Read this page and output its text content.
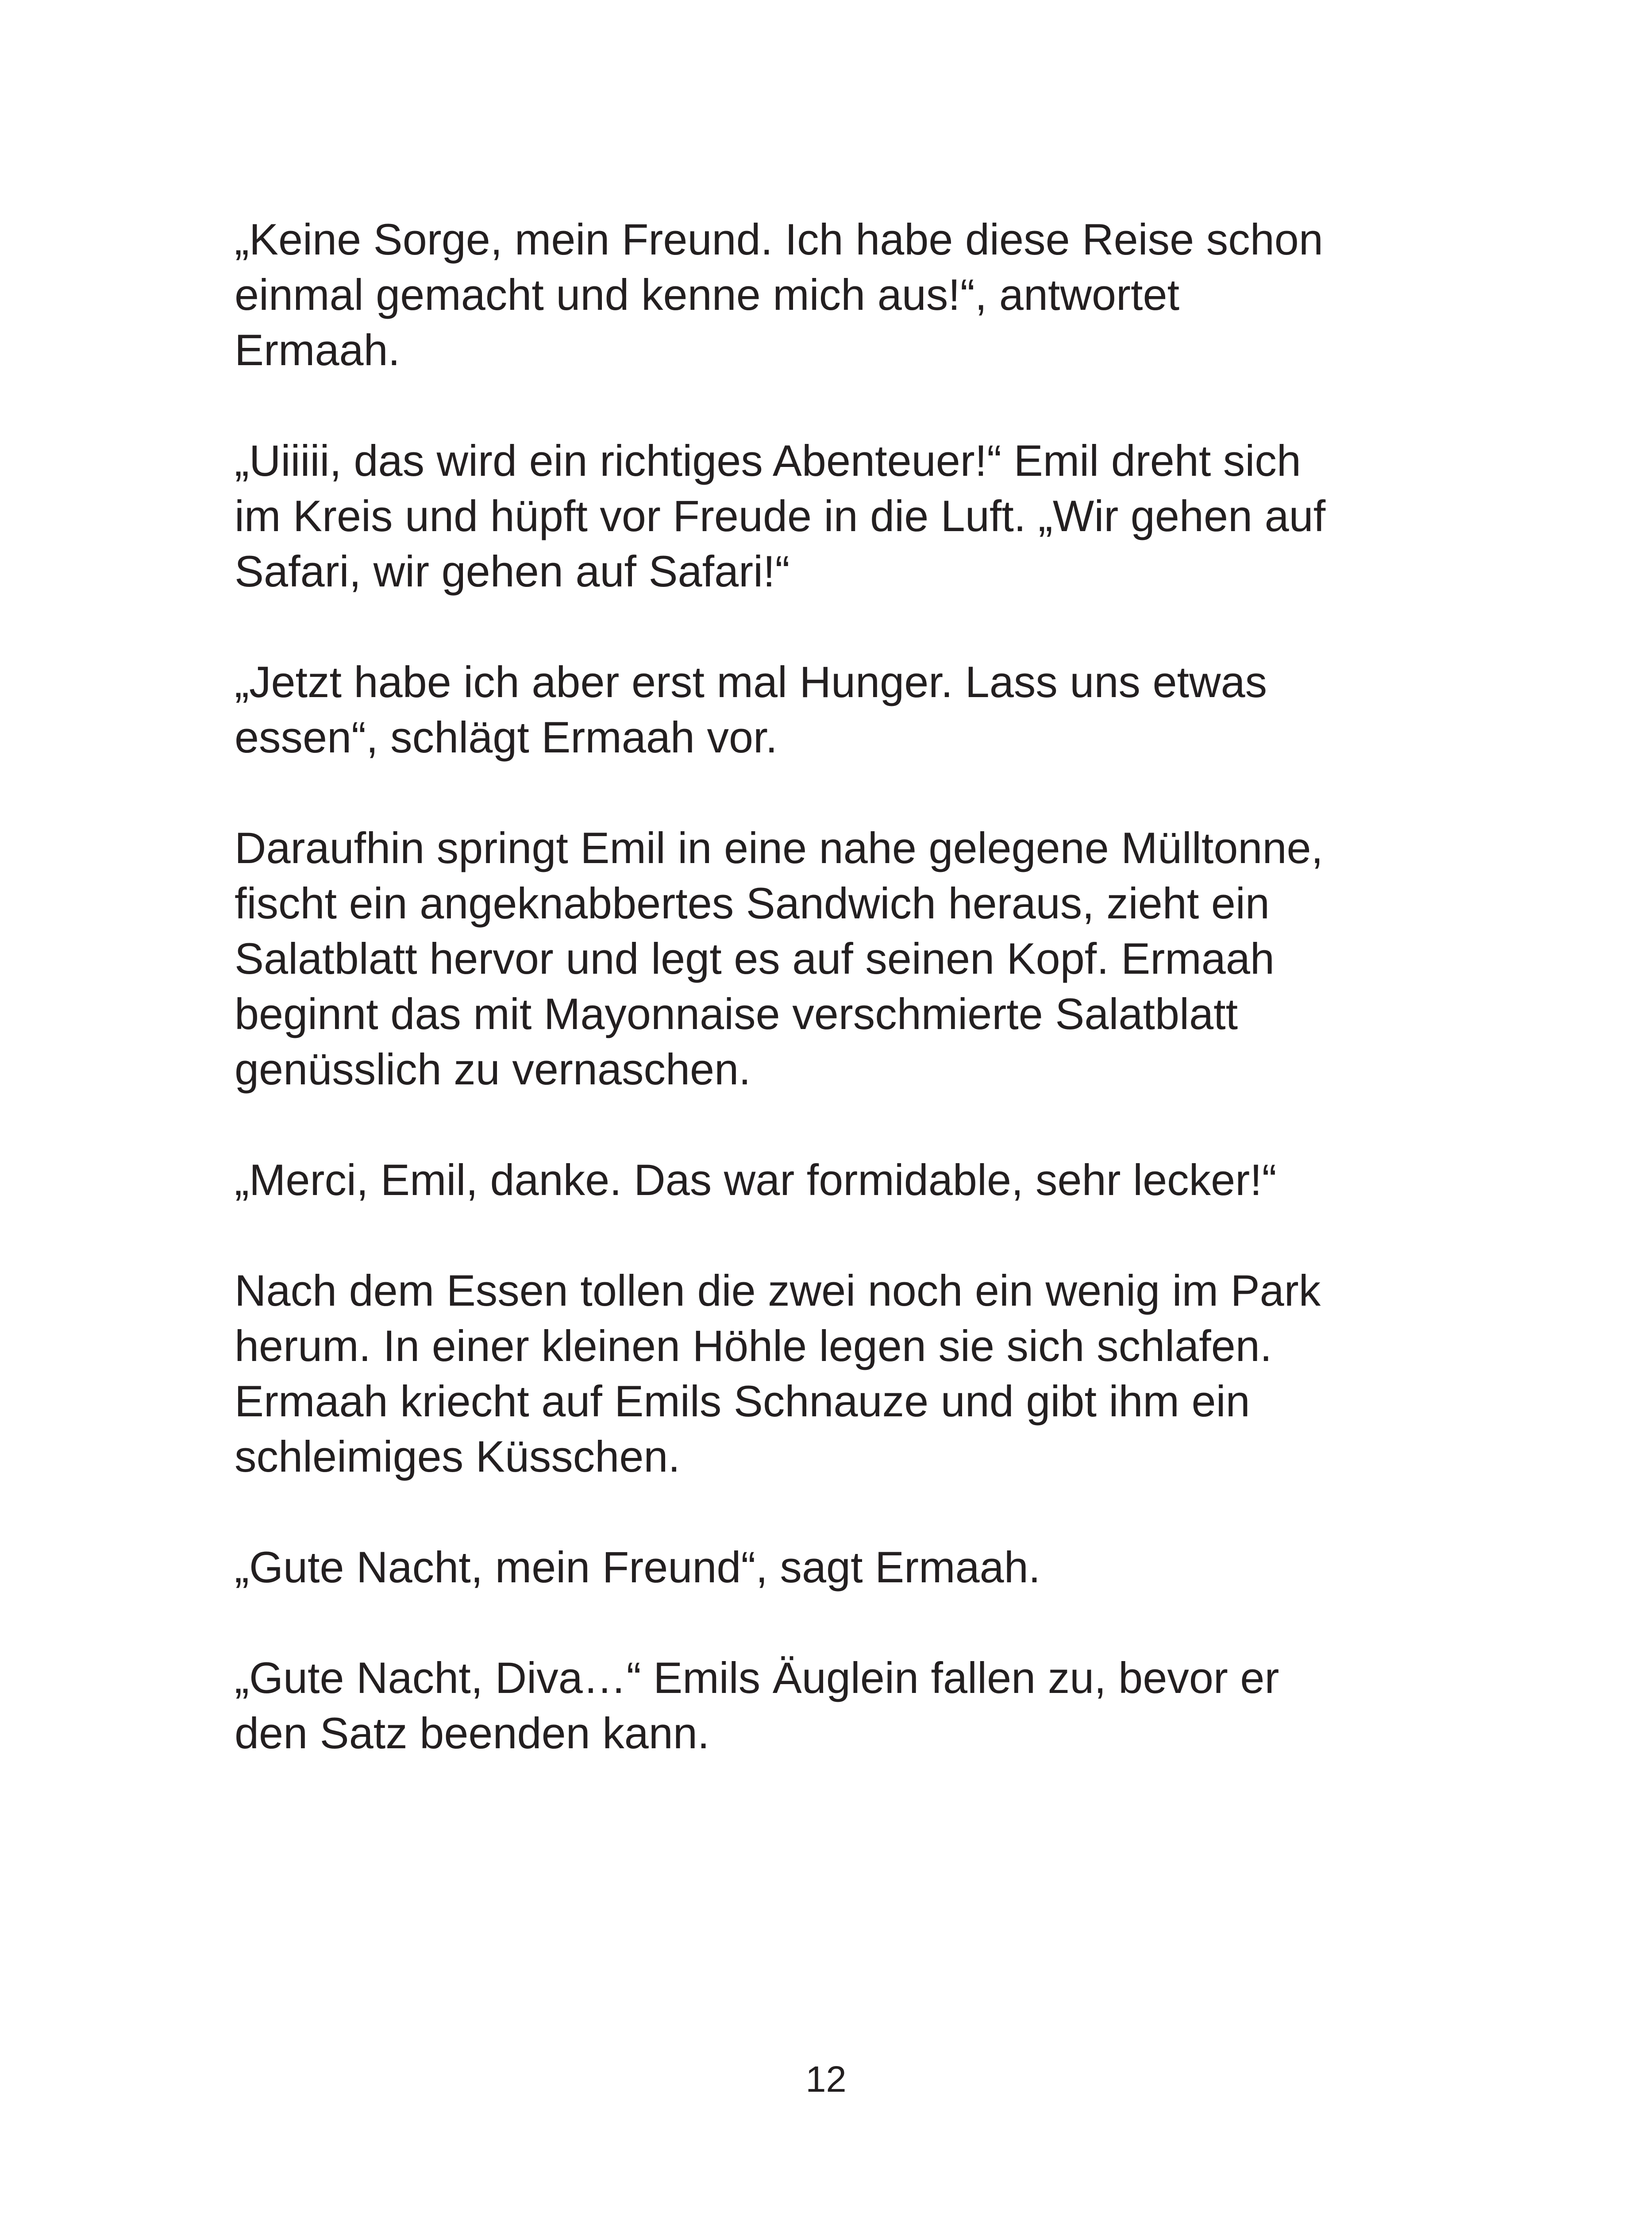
„Keine Sorge, mein Freund. Ich habe diese Reise schon
einmal gemacht und kenne mich aus!“, antwortet
Ermaah.

„Uiiiii, das wird ein richtiges Abenteuer!“ Emil dreht sich
im Kreis und hüpft vor Freude in die Luft. „Wir gehen auf
Safari, wir gehen auf Safari!“

„Jetzt habe ich aber erst mal Hunger. Lass uns etwas
essen“, schlägt Ermaah vor.

Daraufhin springt Emil in eine nahe gelegene Mülltonne,
fischt ein angeknabbertes Sandwich heraus, zieht ein
Salatblatt hervor und legt es auf seinen Kopf. Ermaah
beginnt das mit Mayonnaise verschmierte Salatblatt
genüsslich zu vernaschen.

„Merci, Emil, danke. Das war formidable, sehr lecker!“

Nach dem Essen tollen die zwei noch ein wenig im Park
herum. In einer kleinen Höhle legen sie sich schlafen.
Ermaah kriecht auf Emils Schnauze und gibt ihm ein
schleimiges Küsschen.

„Gute Nacht, mein Freund“, sagt Ermaah.

„Gute Nacht, Diva…“ Emils Äuglein fallen zu, bevor er
den Satz beenden kann.

12
